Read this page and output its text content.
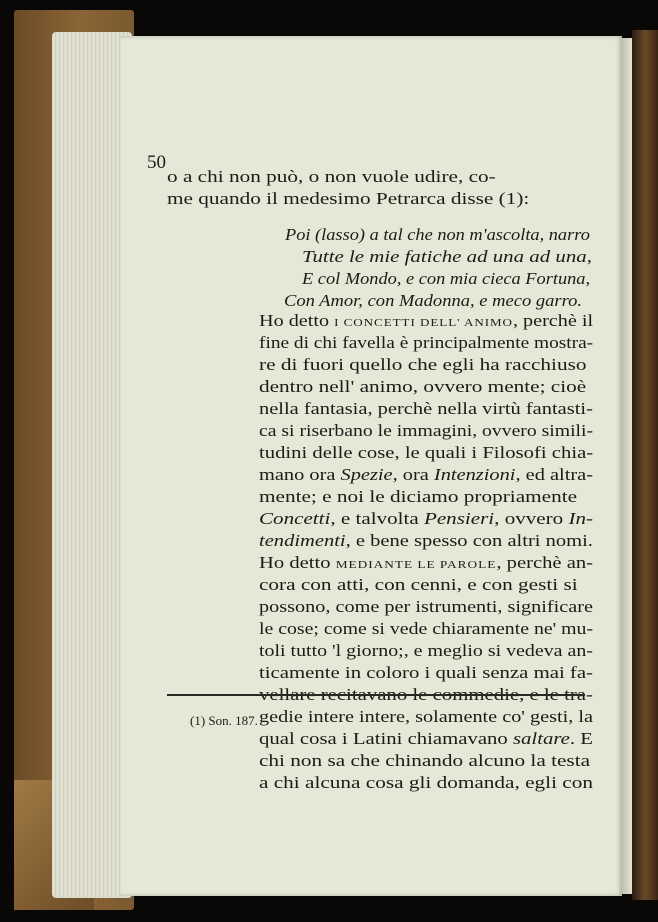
50

o a chi non può, o non vuole udire, co-

me quando il medesimo Petrarca disse (1):

Poi (lasso) a tal che non m'ascolta, narro

Tutte le mie fatiche ad una ad una,

E col Mondo, e con mia cieca Fortuna,

Con Amor, con Madonna, e meco garro.

Ho detto I CONCETTI DELL' ANIMO, perchè il

fine di chi favella è principalmente mostra-

re di fuori quello che egli ha racchiuso

dentro nell' animo, ovvero mente; cioè

nella fantasia, perchè nella virtù fantasti-

ca si riserbano le immagini, ovvero simili-

tudini delle cose, le quali i Filosofi chia-

mano ora Spezie, ora Intenzioni, ed altra-

mente; e noi le diciamo propriamente

Concetti, e talvolta Pensieri, ovvero In-

tendimenti, e bene spesso con altri nomi.

Ho detto MEDIANTE LE PAROLE, perchè an-

cora con atti, con cenni, e con gesti si

possono, come per istrumenti, significare

le cose; come si vede chiaramente ne' mu-

toli tutto 'l giorno;, e meglio si vedeva an-

ticamente in coloro i quali senza mai fa-

vellare recitavano le commedie, e le tra-

gedie intere intere, solamente co' gesti, la

qual cosa i Latini chiamavano saltare. E

chi non sa che chinando alcuno la testa

a chi alcuna cosa gli domanda, egli con

(1) Son. 187.
